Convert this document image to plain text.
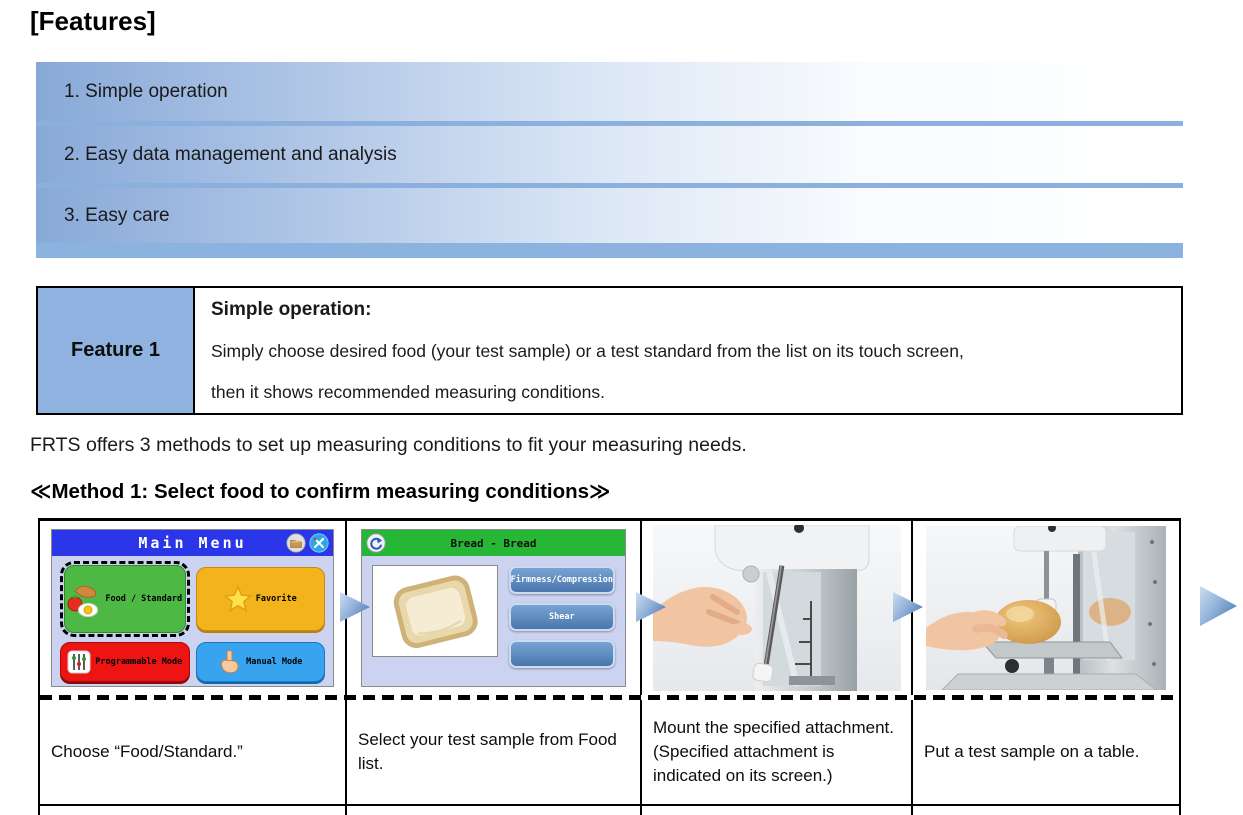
[Features]
1. Simple operation
2. Easy data management and analysis
3. Easy care
Feature 1
Simple operation:
Simply choose desired food (your test sample) or a test standard from the list on its touch screen,
then it shows recommended measuring conditions.

FRTS offers 3 methods to set up measuring conditions to fit your measuring needs.

≪Method 1: Select food to confirm measuring conditions≫
Main Menu
Food / Standard	Favorite
Programmable Mode	Manual Mode
Bread - Bread
Firmness/Compression
Shear
Choose “Food/Standard.”
Select your test sample from Food list.
Mount the specified attachment.
(Specified attachment is indicated on its screen.)
Put a test sample on a table.
